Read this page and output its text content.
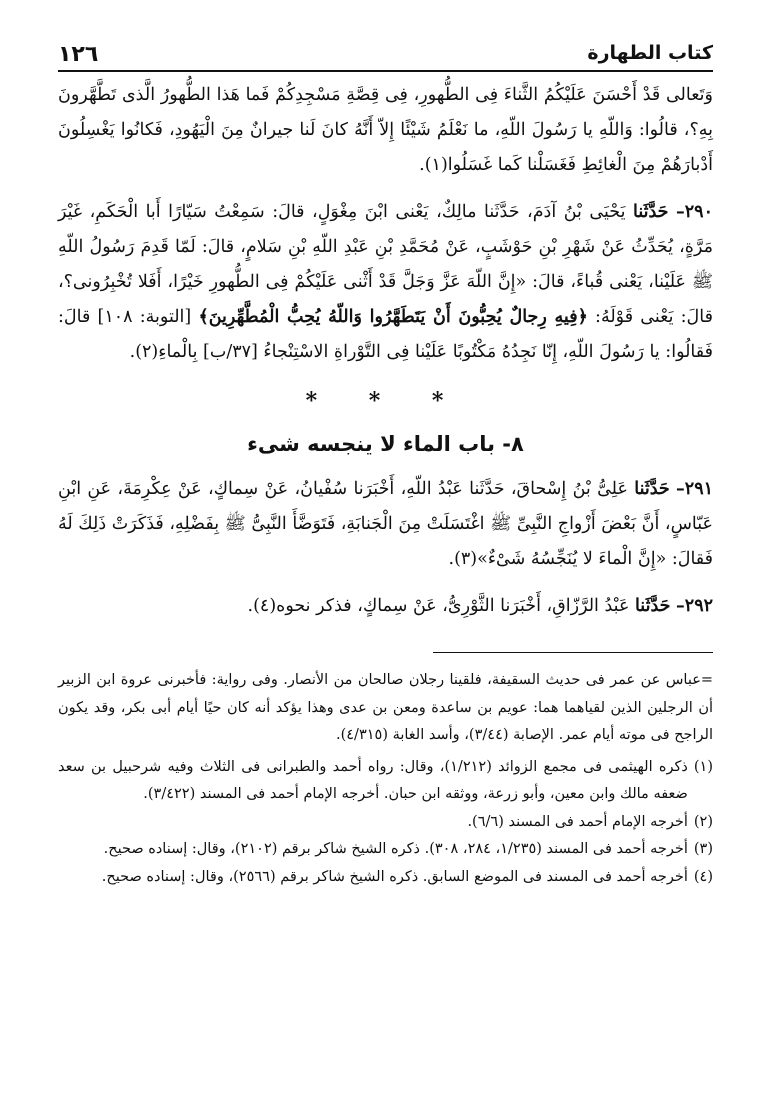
كتاب الطهارة
١٢٦

وَتَعالى قَدْ أَحْسَنَ عَلَيْكُمُ الثَّناءَ فِى الطُّهورِ، فِى قِصَّةِ مَسْجِدِكُمْ فَما هَذا الطُّهورُ الَّذى تَطَّهَّرونَ بِهِ؟، قالُوا: وَاللّهِ يا رَسُولَ اللّهِ، ما نَعْلَمُ شَيْئًا إِلاّ أَنَّهُ كانَ لَنا جيرانٌ مِنَ الْيَهُودِ، فَكانُوا يَغْسِلُونَ أَدْبارَهُمْ مِنَ الْغائِطِ فَغَسَلْنا كَما غَسَلُوا(١).

٢٩٠– حَدَّثَنا يَحْيَى بْنُ آدَمَ، حَدَّثَنا مالِكٌ، يَعْنى ابْنَ مِغْوَلٍ، قالَ: سَمِعْتُ سَيّارًا أَبا الْحَكَمِ، غَيْرَ مَرَّةٍ، يُحَدِّثُ عَنْ شَهْرِ بْنِ حَوْشَبٍ، عَنْ مُحَمَّدِ بْنِ عَبْدِ اللّهِ بْنِ سَلامٍ، قالَ: لَمّا قَدِمَ رَسُولُ اللّهِ ﷺ عَلَيْنا، يَعْنى قُباءً، قالَ: «إِنَّ اللّهَ عَزَّ وَجَلَّ قَدْ أَثْنى عَلَيْكُمْ فِى الطُّهورِ خَيْرًا، أَفَلا تُخْبِرُونى؟، قالَ: يَعْنى قَوْلَهُ: ﴿فِيهِ رِجالٌ يُحِبُّونَ أَنْ يَتَطَهَّرُوا وَاللّهُ يُحِبُّ الْمُطَّهِّرِينَ﴾ [التوبة: ١٠٨] قالَ: فَقالُوا: يا رَسُولَ اللّهِ، إِنّا نَجِدُهُ مَكْتُوبًا عَلَيْنا فِى التَّوْراةِ الاسْتِنْجاءُ [٣٧/ب] بِالْماءِ(٢).

* * *
٨- باب الماء لا ينجسه شىء

٢٩١– حَدَّثَنا عَلِىُّ بْنُ إِسْحاقَ، حَدَّثَنا عَبْدُ اللّهِ، أَخْبَرَنا سُفْيانُ، عَنْ سِماكٍ، عَنْ عِكْرِمَةَ، عَنِ ابْنِ عَبّاسٍ، أَنَّ بَعْضَ أَزْواجِ النَّبِىِّ ﷺ اغْتَسَلَتْ مِنَ الْجَنابَةِ، فَتَوَضَّأَ النَّبِىُّ ﷺ بِفَضْلِهِ، فَذَكَرَتْ ذَلِكَ لَهُ فَقالَ: «إِنَّ الْماءَ لا يُنَجِّسُهُ شَىْءٌ»(٣).

٢٩٢– حَدَّثَنا عَبْدُ الرَّزّاقِ، أَخْبَرَنا الثَّوْرِىُّ، عَنْ سِماكٍ، فذكر نحوه(٤).

=عباس عن عمر فى حديث السقيفة، فلقينا رجلان صالحان من الأنصار. وفى رواية: فأخبرنى عروة ابن الزبير أن الرجلين الذين لقياهما هما: عويم بن ساعدة ومعن بن عدى وهذا يؤكد أنه كان حيًا أيام أبى بكر، وقد يكون الراجح فى موته أيام عمر. الإصابة (٣/٤٤)، وأسد الغابة (٤/٣١٥).

(١)
ذكره الهيثمى فى مجمع الزوائد (١/٢١٢)، وقال: رواه أحمد والطبرانى فى الثلاث وفيه شرحبيل بن سعد ضعفه مالك وابن معين، وأبو زرعة، ووثقه ابن حبان. أخرجه الإمام أحمد فى المسند (٣/٤٢٢).
(٢)
أخرجه الإمام أحمد فى المسند (٦/٦).
(٣)
أخرجه أحمد فى المسند (١/٢٣٥، ٢٨٤، ٣٠٨). ذكره الشيخ شاكر برقم (٢١٠٢)، وقال: إسناده صحيح.
(٤)
أخرجه أحمد فى المسند فى الموضع السابق. ذكره الشيخ شاكر برقم (٢٥٦٦)، وقال: إسناده صحيح.
